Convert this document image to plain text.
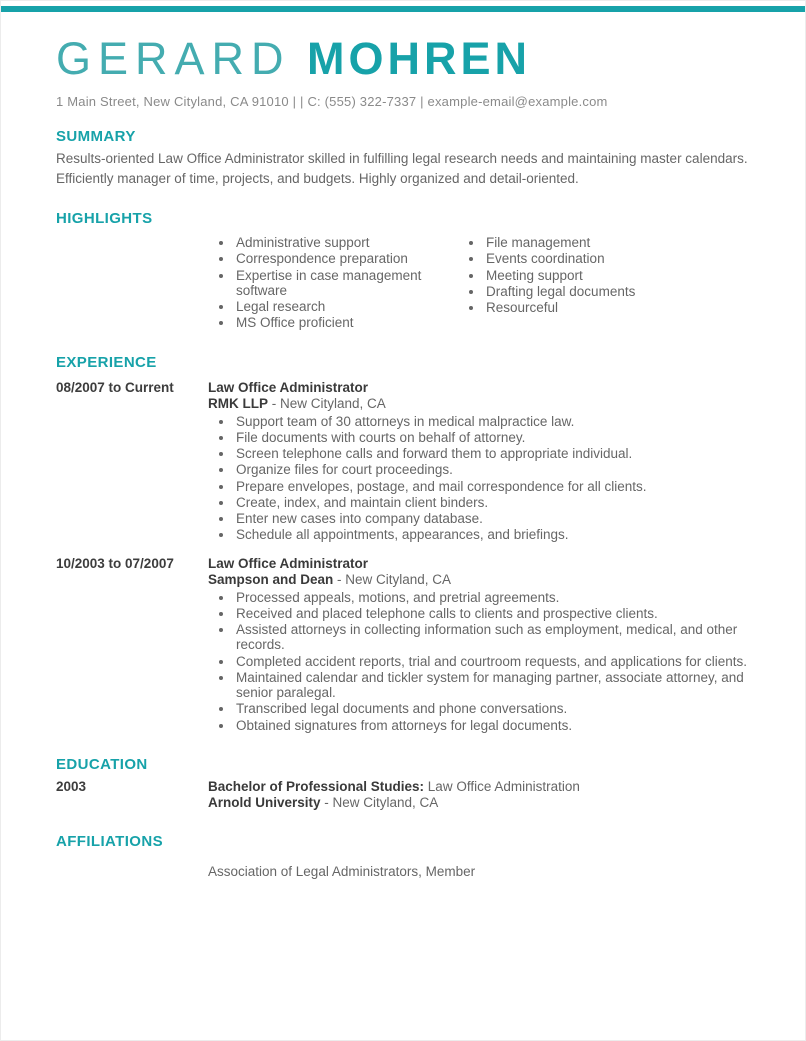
GERARD MOHREN
1 Main Street, New Cityland, CA 91010 | | C: (555) 322-7337 | example-email@example.com
SUMMARY
Results-oriented Law Office Administrator skilled in fulfilling legal research needs and maintaining master calendars. Efficiently manager of time, projects, and budgets. Highly organized and detail-oriented.
HIGHLIGHTS
• Administrative support
• Correspondence preparation
• Expertise in case management software
• Legal research
• MS Office proficient
• File management
• Events coordination
• Meeting support
• Drafting legal documents
• Resourceful
EXPERIENCE
08/2007 to Current	Law Office Administrator
RMK LLP - New Cityland, CA
• Support team of 30 attorneys in medical malpractice law.
• File documents with courts on behalf of attorney.
• Screen telephone calls and forward them to appropriate individual.
• Organize files for court proceedings.
• Prepare envelopes, postage, and mail correspondence for all clients.
• Create, index, and maintain client binders.
• Enter new cases into company database.
• Schedule all appointments, appearances, and briefings.
10/2003 to 07/2007	Law Office Administrator
Sampson and Dean - New Cityland, CA
• Processed appeals, motions, and pretrial agreements.
• Received and placed telephone calls to clients and prospective clients.
• Assisted attorneys in collecting information such as employment, medical, and other records.
• Completed accident reports, trial and courtroom requests, and applications for clients.
• Maintained calendar and tickler system for managing partner, associate attorney, and senior paralegal.
• Transcribed legal documents and phone conversations.
• Obtained signatures from attorneys for legal documents.
EDUCATION
2003	Bachelor of Professional Studies: Law Office Administration
Arnold University - New Cityland, CA
AFFILIATIONS
Association of Legal Administrators, Member
